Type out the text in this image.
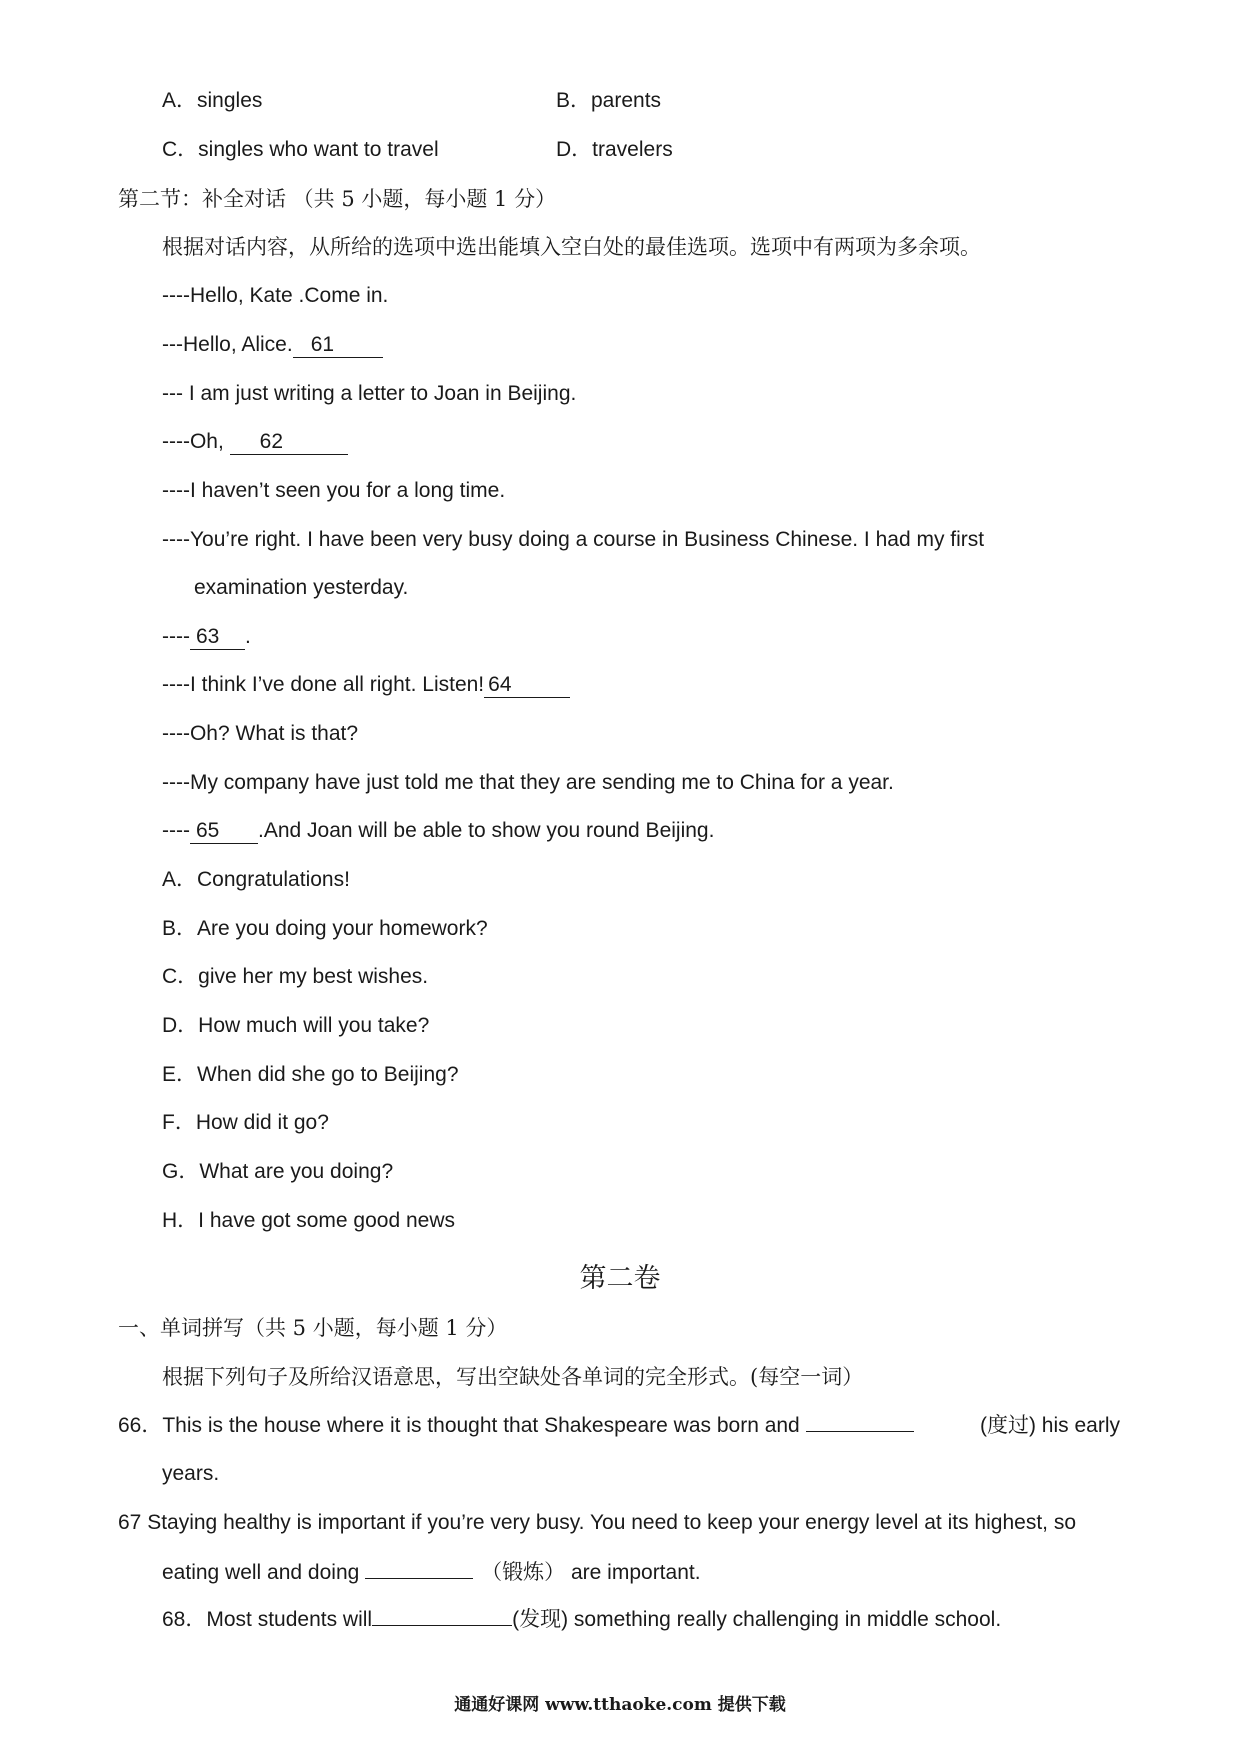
A．singles	B．parents
C．singles who want to travel	D．travelers
第二节：补全对话 （共 5 小题，每小题 1 分）
根据对话内容，从所给的选项中选出能填入空白处的最佳选项。选项中有两项为多余项。
----Hello, Kate .Come in.
---Hello, Alice. 61
--- I am just writing a letter to Joan in Beijing.
----Oh, 62
----I haven’t seen you for a long time.
----You’re right. I have been very busy doing a course in Business Chinese. I had my first
examination yesterday.
---- 63 .
----I think I’ve done all right. Listen! 64
----Oh? What is that?
----My company have just told me that they are sending me to China for a year.
---- 65 .And Joan will be able to show you round Beijing.
A．Congratulations!
B．Are you doing your homework?
C．give her my best wishes.
D．How much will you take?
E．When did she go to Beijing?
F．How did it go?
G．What are you doing?
H．I have got some good news
第二卷
一、单词拼写（共 5 小题，每小题 1 分）
根据下列句子及所给汉语意思，写出空缺处各单词的完全形式。(每空一词）
66．This is the house where it is thought that Shakespeare was born and	(度过) his early
years.
67 Staying healthy is important if you’re very busy. You need to keep your energy level at its highest, so
eating well and doing	（锻炼） are important.
68．Most students will	(发现) something really challenging in middle school.
通通好课网 www.tthaoke.com 提供下载
